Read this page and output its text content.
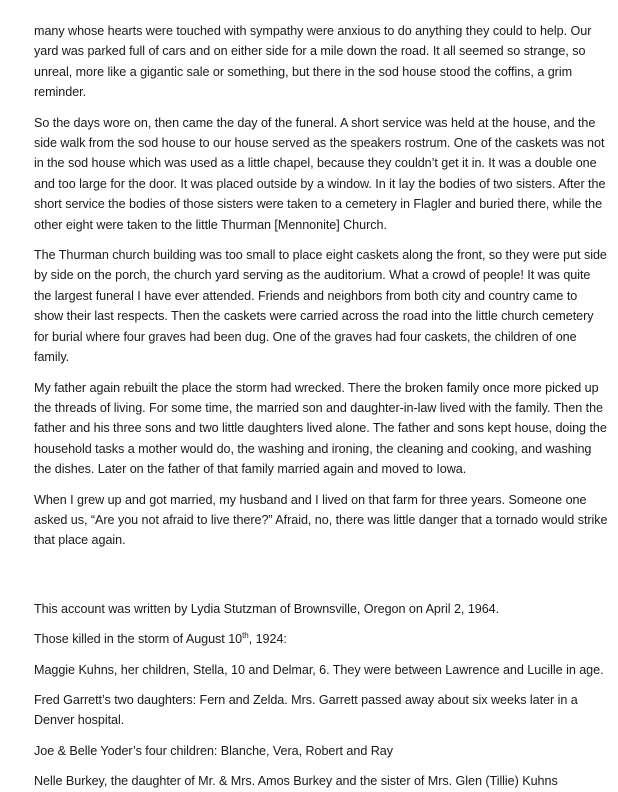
many whose hearts were touched with sympathy were anxious to do anything they could to help. Our yard was parked full of cars and on either side for a mile down the road. It all seemed so strange, so unreal, more like a gigantic sale or something, but there in the sod house stood the coffins, a grim reminder.

So the days wore on, then came the day of the funeral. A short service was held at the house, and the side walk from the sod house to our house served as the speakers rostrum. One of the caskets was not in the sod house which was used as a little chapel, because they couldn’t get it in. It was a double one and too large for the door. It was placed outside by a window. In it lay the bodies of two sisters. After the short service the bodies of those sisters were taken to a cemetery in Flagler and buried there, while the other eight were taken to the little Thurman [Mennonite] Church.

The Thurman church building was too small to place eight caskets along the front, so they were put side by side on the porch, the church yard serving as the auditorium. What a crowd of people! It was quite the largest funeral I have ever attended. Friends and neighbors from both city and country came to show their last respects. Then the caskets were carried across the road into the little church cemetery for burial where four graves had been dug. One of the graves had four caskets, the children of one family.

My father again rebuilt the place the storm had wrecked. There the broken family once more picked up the threads of living. For some time, the married son and daughter-in-law lived with the family. Then the father and his three sons and two little daughters lived alone. The father and sons kept house, doing the household tasks a mother would do, the washing and ironing, the cleaning and cooking, and washing the dishes. Later on the father of that family married again and moved to Iowa.

When I grew up and got married, my husband and I lived on that farm for three years. Someone one asked us, “Are you not afraid to live there?” Afraid, no, there was little danger that a tornado would strike that place again.

This account was written by Lydia Stutzman of Brownsville, Oregon on April 2, 1964.

Those killed in the storm of August 10th, 1924:

Maggie Kuhns, her children, Stella, 10 and Delmar, 6. They were between Lawrence and Lucille in age.

Fred Garrett’s two daughters: Fern and Zelda. Mrs. Garrett passed away about six weeks later in a Denver hospital.

Joe & Belle Yoder’s four children: Blanche, Vera, Robert and Ray

Nelle Burkey, the daughter of Mr. & Mrs. Amos Burkey and the sister of Mrs. Glen (Tillie) Kuhns
